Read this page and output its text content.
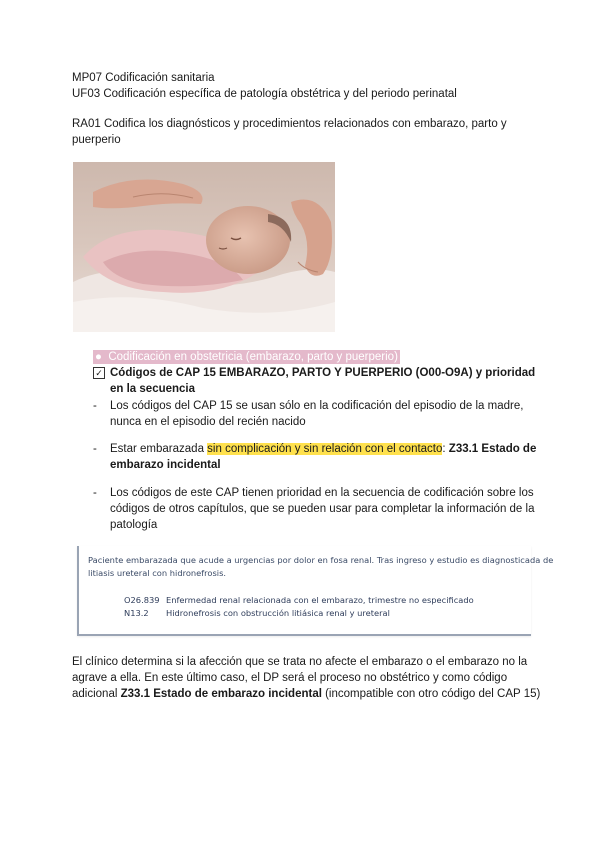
MP07 Codificación sanitaria
UF03 Codificación específica de patología obstétrica y del periodo perinatal
RA01 Codifica los diagnósticos y procedimientos relacionados con embarazo, parto y
puerperio
●  Codificación en obstetricia (embarazo, parto y puerperio)
✓ Códigos de CAP 15 EMBARAZO, PARTO Y PUERPERIO (O00-O9A) y prioridad
en la secuencia
- Los códigos del CAP 15 se usan sólo en la codificación del episodio de la madre,
nunca en el episodio del recién nacido
- Estar embarazada sin complicación y sin relación con el contacto: Z33.1 Estado de
embarazo incidental
- Los códigos de este CAP tienen prioridad en la secuencia de codificación sobre los
códigos de otros capítulos, que se pueden usar para completar la información de la
patología
Paciente embarazada que acude a urgencias por dolor en fosa renal. Tras ingreso y estudio es diagnosticada de
litiasis ureteral con hidronefrosis.
O26.839 Enfermedad renal relacionada con el embarazo, trimestre no especificado
N13.2 Hidronefrosis con obstrucción litiásica renal y ureteral
El clínico determina si la afección que se trata no afecte el embarazo o el embarazo no la
agrave a ella. En este último caso, el DP será el proceso no obstétrico y como código
adicional Z33.1 Estado de embarazo incidental (incompatible con otro código del CAP 15)
